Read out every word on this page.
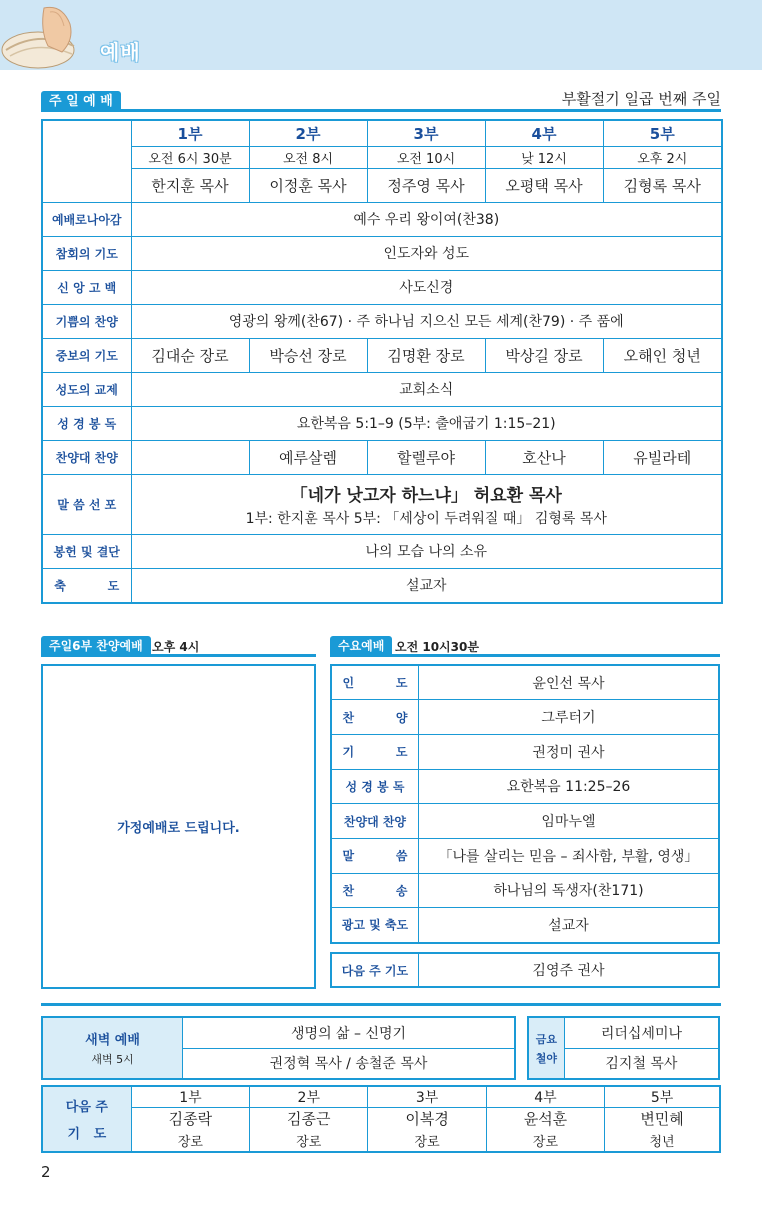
예배
주 일 예 배	부활절기 일곱 번째 주일
	1부	2부	3부	4부	5부
	오전 6시 30분	오전 8시	오전 10시	낮 12시	오후 2시
	한지훈 목사	이정훈 목사	정주영 목사	오평택 목사	김형록 목사
예배로나아감	예수 우리 왕이여(찬38)				
참회의 기도	인도자와 성도				
신 앙 고 백	사도신경				
기쁨의 찬양	영광의 왕께(찬67) · 주 하나님 지으신 모든 세계(찬79) · 주 품에				
중보의 기도	김대순 장로	박승선 장로	김명환 장로	박상길 장로	오해인 청년
성도의 교제	교회소식				
성 경 봉 독	요한복음 5:1–9 (5부: 출애굽기 1:15–21)				
찬양대 찬양		예루살렘	할렐루야	호산나	유빌라테
말 씀 선 포	「네가 낫고자 하느냐」 허요환 목사
1부: 한지훈 목사 5부: 「세상이 두려워질 때」 김형록 목사				

봉헌 및 결단	나의 모습 나의 소유				
축          도	설교자				
주일6부 찬양예배 오후 4시
가정예배로 드립니다.
수요예배 오전 10시30분
인          도	윤인선 목사
찬          양	그루터기
기          도	권정미 권사
성 경 봉 독	요한복음 11:25–26
찬양대 찬양	임마누엘
말          씀	「나를 살리는 믿음 – 죄사함, 부활, 영생」
찬          송	하나님의 독생자(찬171)
광고 및 축도	설교자
다음 주 기도	김영주 권사
새벽 예배
새벽 5시
	생명의 삶 – 신명기
권정혁 목사 / 송철준 목사
금요
철야
	리더십세미나
김지철 목사
다음 주
기   도	1부	2부	3부	4부	5부
	김종락	김종근	이복경	윤석훈	변민혜
	장로	장로	장로	장로	청년
2
